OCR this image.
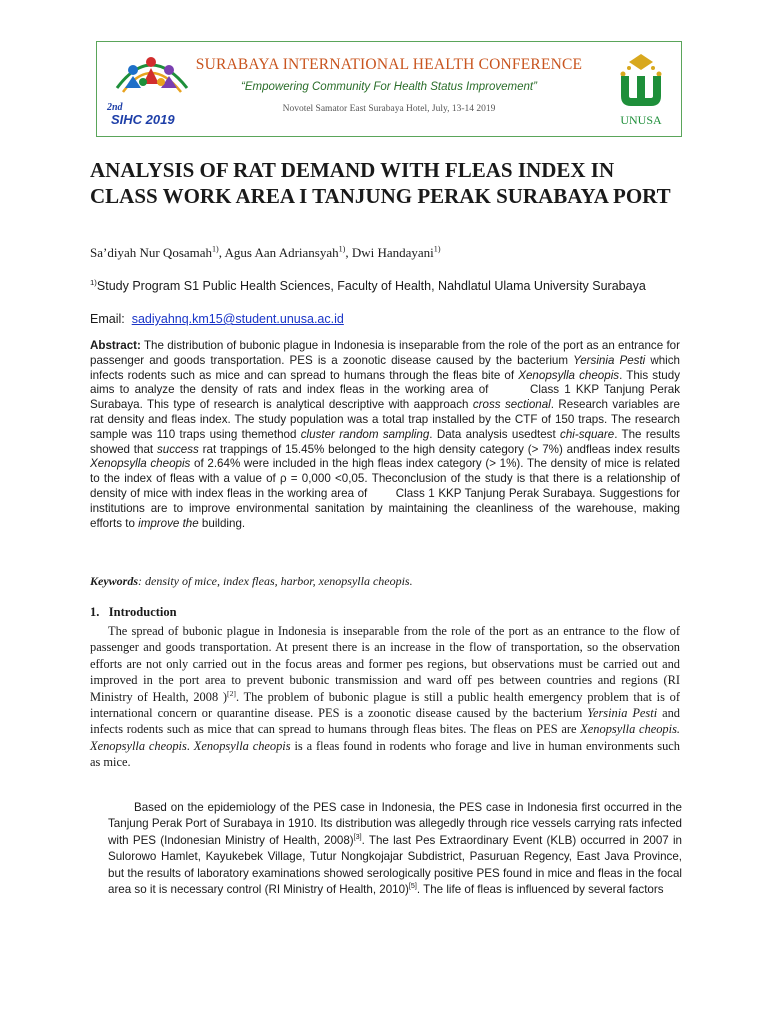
2nd
SIHC 2019
SURABAYA INTERNATIONAL HEALTH CONFERENCE
“Empowering Community For Health Status Improvement”
Novotel Samator East Surabaya Hotel, July, 13-14 2019
UNUSA
ANALYSIS OF RAT DEMAND WITH FLEAS INDEX IN CLASS WORK AREA I TANJUNG PERAK SURABAYA PORT
Sa’diyah Nur Qosamah$^{1)}$, Agus Aan Adriansyah$^{1)}$, Dwi Handayani$^{1)}$
$^{1)}$Study Program S1 Public Health Sciences, Faculty of Health, Nahdlatul Ulama University Surabaya
Email: sadiyahnq.km15@student.unusa.ac.id
Abstract: The distribution of bubonic plague in Indonesia is inseparable from the role of the port as an entrance for passenger and goods transportation. PES is a zoonotic disease caused by the bacterium Yersinia Pesti which infects rodents such as mice and can spread to humans through the fleas bite of Xenopsylla cheopis. This study aims to analyze the density of rats and index fleas in the working area of        Class 1 KKP Tanjung Perak Surabaya. This type of research is analytical descriptive with aapproach cross sectional. Research variables are rat density and fleas index. The study population was a total trap installed by the CTF of 150 traps. The research sample was 110 traps using themethod cluster random sampling. Data analysis usedtest chi-square. The results showed that success rat trappings of 15.45% belonged to the high density category (> 7%) andfleas index results Xenopsylla cheopis of 2.64% were included in the high fleas index category (> 1%). The density of mice is related to the index of fleas with a value of ρ = 0,000 <0,05. Theconclusion of the study is that there is a relationship of density of mice with index fleas in the working area of        Class 1 KKP Tanjung Perak Surabaya. Suggestions for institutions are to improve environmental sanitation by maintaining the cleanliness of the warehouse, making efforts to improve the building.
Keywords: density of mice, index fleas, harbor, xenopsylla cheopis.
1.   Introduction

The spread of bubonic plague in Indonesia is inseparable from the role of the port as an entrance to the flow of passenger and goods transportation. At present there is an increase in the flow of transportation, so the observation efforts are not only carried out in the focus areas and former pes regions, but observations must be carried out and improved in the port area to prevent bubonic transmission and ward off pes between countries and regions (RI Ministry of Health, 2008 )[2]. The problem of bubonic plague is still a public health emergency problem that is of international concern or quarantine disease. PES is a zoonotic disease caused by the bacterium Yersinia Pesti and infects rodents such as mice that can spread to humans through fleas bites. The fleas on PES are Xenopsylla cheopis. Xenopsylla cheopis. Xenopsylla cheopis is a fleas found in rodents who forage and live in human environments such as mice.

Based on the epidemiology of the PES case in Indonesia, the PES case in Indonesia first occurred in the Tanjung Perak Port of Surabaya in 1910. Its distribution was allegedly through rice vessels carrying rats infected with PES (Indonesian Ministry of Health, 2008)[3]. The last Pes Extraordinary Event (KLB) occurred in 2007 in Sulorowo Hamlet, Kayukebek Village, Tutur Nongkojajar Subdistrict, Pasuruan Regency, East Java Province, but the results of laboratory examinations showed serologically positive PES found in mice and fleas in the focal area so it is necessary control (RI Ministry of Health, 2010)[5]. The life of fleas is influenced by several factors
